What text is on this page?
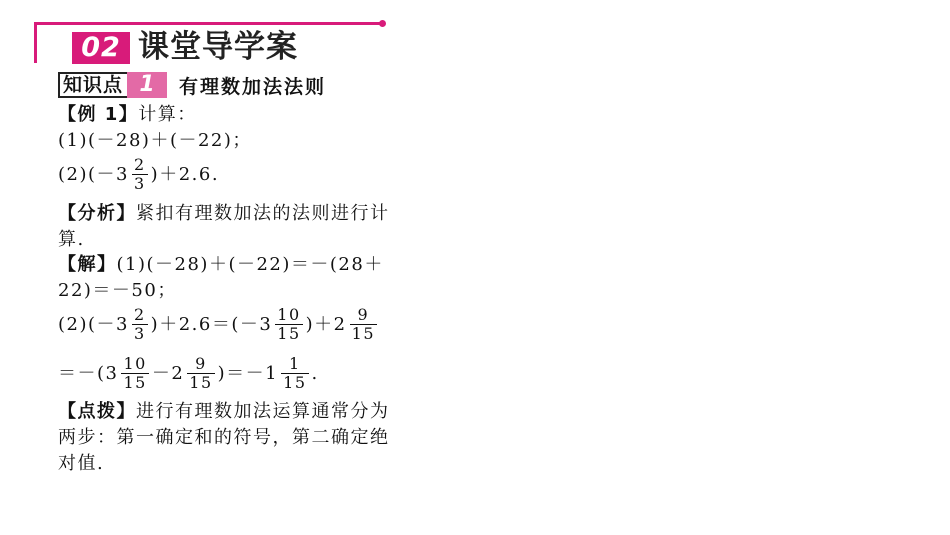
02 课堂导学案
知识点 1	有理数加法法则
【例 1】 计算：
(1)(－28)＋(－22)；
$(2)(-3 \frac{2}{3} )+2.6$.
【分析】 紧扣有理数加法的法则进行计
算.
【解】 (1)(－28)＋(－22)＝－(28＋
22)＝－50；
$(2)(-3 \frac{2}{3} )+2.6=(-3 \frac{10}{15} )+2 \frac{9}{15}$
$=-(3 \frac{10}{15} -2 \frac{9}{15} )=-1 \frac{1}{15}$ .
【点拨】 进行有理数加法运算通常分为
两步：第一确定和的符号，第二确定绝
对值.
